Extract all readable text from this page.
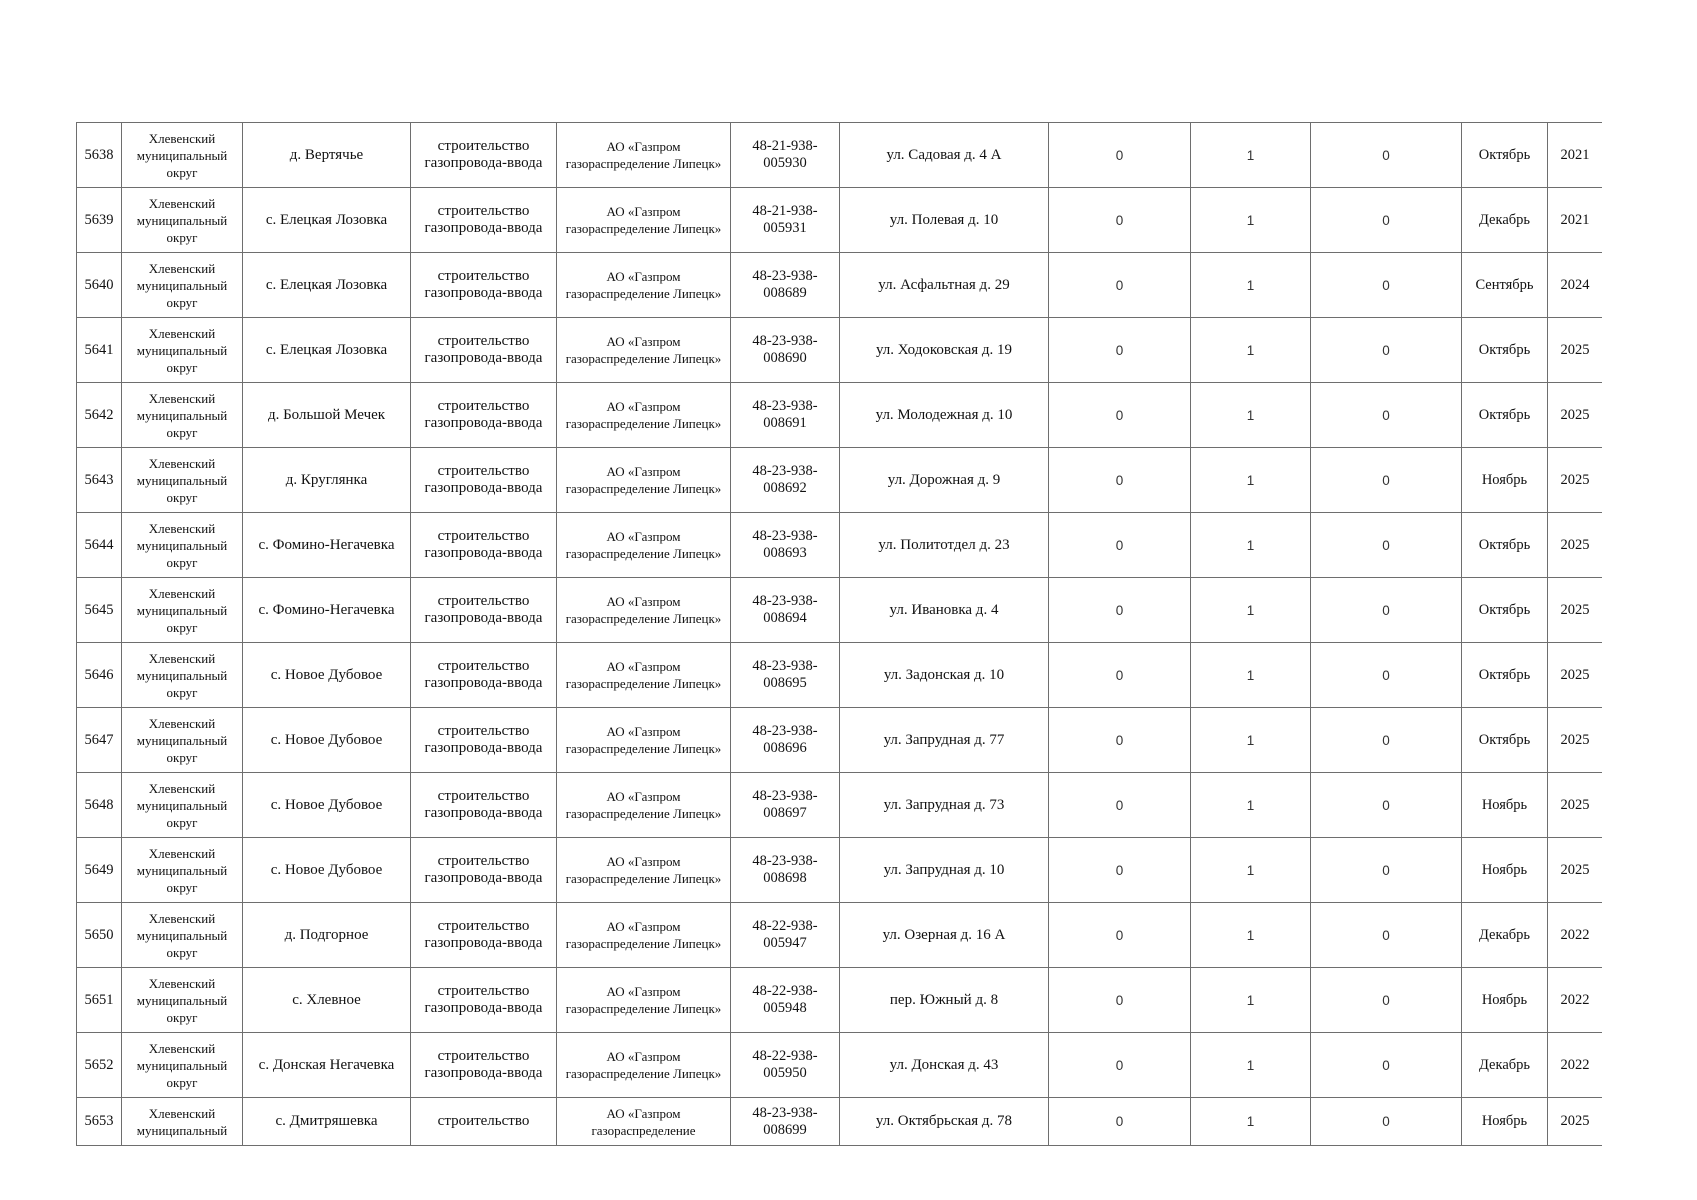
5638	Хлевенский муниципальный округ	д. Вертячье	строительство газопровода-ввода	АО «Газпром газораспределение Липецк»	48-21-938-005930	ул. Садовая д. 4 А	0	1	0	Октябрь	2021
5639	Хлевенский муниципальный округ	с. Елецкая Лозовка	строительство газопровода-ввода	АО «Газпром газораспределение Липецк»	48-21-938-005931	ул. Полевая д. 10	0	1	0	Декабрь	2021
5640	Хлевенский муниципальный округ	с. Елецкая Лозовка	строительство газопровода-ввода	АО «Газпром газораспределение Липецк»	48-23-938-008689	ул. Асфальтная д. 29	0	1	0	Сентябрь	2024
5641	Хлевенский муниципальный округ	с. Елецкая Лозовка	строительство газопровода-ввода	АО «Газпром газораспределение Липецк»	48-23-938-008690	ул. Ходоковская д. 19	0	1	0	Октябрь	2025
5642	Хлевенский муниципальный округ	д. Большой Мечек	строительство газопровода-ввода	АО «Газпром газораспределение Липецк»	48-23-938-008691	ул. Молодежная д. 10	0	1	0	Октябрь	2025
5643	Хлевенский муниципальный округ	д. Круглянка	строительство газопровода-ввода	АО «Газпром газораспределение Липецк»	48-23-938-008692	ул. Дорожная д. 9	0	1	0	Ноябрь	2025
5644	Хлевенский муниципальный округ	с. Фомино-Негачевка	строительство газопровода-ввода	АО «Газпром газораспределение Липецк»	48-23-938-008693	ул. Политотдел д. 23	0	1	0	Октябрь	2025
5645	Хлевенский муниципальный округ	с. Фомино-Негачевка	строительство газопровода-ввода	АО «Газпром газораспределение Липецк»	48-23-938-008694	ул. Ивановка д. 4	0	1	0	Октябрь	2025
5646	Хлевенский муниципальный округ	с. Новое Дубовое	строительство газопровода-ввода	АО «Газпром газораспределение Липецк»	48-23-938-008695	ул. Задонская д. 10	0	1	0	Октябрь	2025
5647	Хлевенский муниципальный округ	с. Новое Дубовое	строительство газопровода-ввода	АО «Газпром газораспределение Липецк»	48-23-938-008696	ул. Запрудная д. 77	0	1	0	Октябрь	2025
5648	Хлевенский муниципальный округ	с. Новое Дубовое	строительство газопровода-ввода	АО «Газпром газораспределение Липецк»	48-23-938-008697	ул. Запрудная д. 73	0	1	0	Ноябрь	2025
5649	Хлевенский муниципальный округ	с. Новое Дубовое	строительство газопровода-ввода	АО «Газпром газораспределение Липецк»	48-23-938-008698	ул. Запрудная д. 10	0	1	0	Ноябрь	2025
5650	Хлевенский муниципальный округ	д. Подгорное	строительство газопровода-ввода	АО «Газпром газораспределение Липецк»	48-22-938-005947	ул. Озерная д. 16 А	0	1	0	Декабрь	2022
5651	Хлевенский муниципальный округ	с. Хлевное	строительство газопровода-ввода	АО «Газпром газораспределение Липецк»	48-22-938-005948	пер. Южный д. 8	0	1	0	Ноябрь	2022
5652	Хлевенский муниципальный округ	с. Донская Негачевка	строительство газопровода-ввода	АО «Газпром газораспределение Липецк»	48-22-938-005950	ул. Донская д. 43	0	1	0	Декабрь	2022
5653	Хлевенский муниципальный	с. Дмитряшевка	строительство	АО «Газпром газораспределение	48-23-938-008699	ул. Октябрьская д. 78	0	1	0	Ноябрь	2025
